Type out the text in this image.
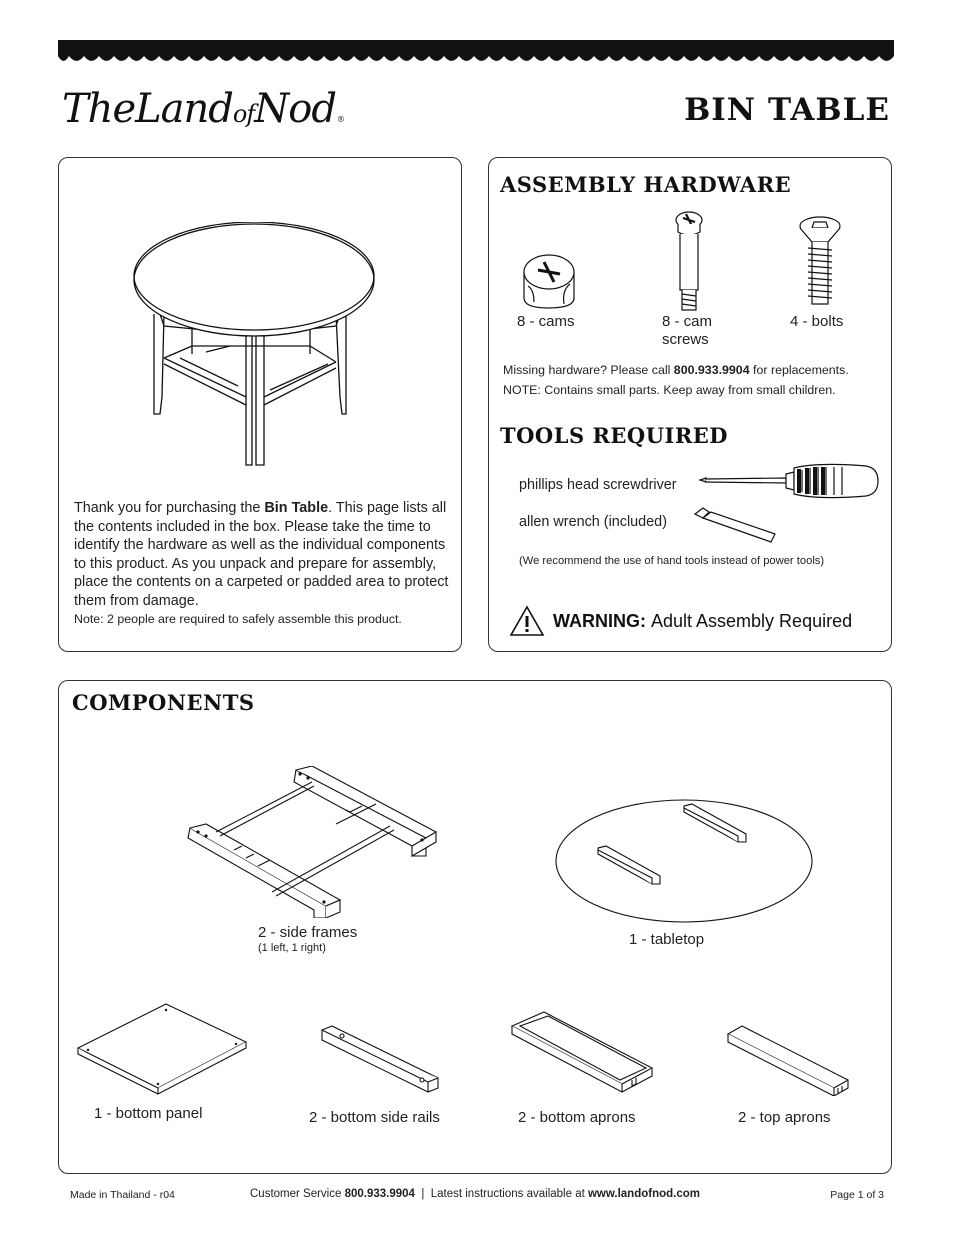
TheLandofNod®	BIN TABLE

Thank you for purchasing the Bin Table. This page lists all the contents included in the box. Please take the time to identify the hardware as well as the individual components to this product. As you unpack and prepare for assembly, place the contents on a carpeted or padded area to protect them from damage.
Note: 2 people are required to safely assemble this product.

ASSEMBLY HARDWARE
8 - cams	8 - cam
screws
4 - bolts
Missing hardware? Please call 800.933.9904 for replacements.
NOTE: Contains small parts. Keep away from small children.
TOOLS REQUIRED
phillips head screwdriver
allen wrench (included)
(We recommend the use of hand tools instead of power tools)
WARNING: Adult Assembly Required
COMPONENTS
2 - side frames
(1 left, 1 right)	1 - tabletop
1 - bottom panel	2 - bottom side rails	2 - bottom aprons	2 - top aprons
Made in Thailand - r04	Customer Service 800.933.9904  |  Latest instructions available at www.landofnod.com	Page 1 of 3
